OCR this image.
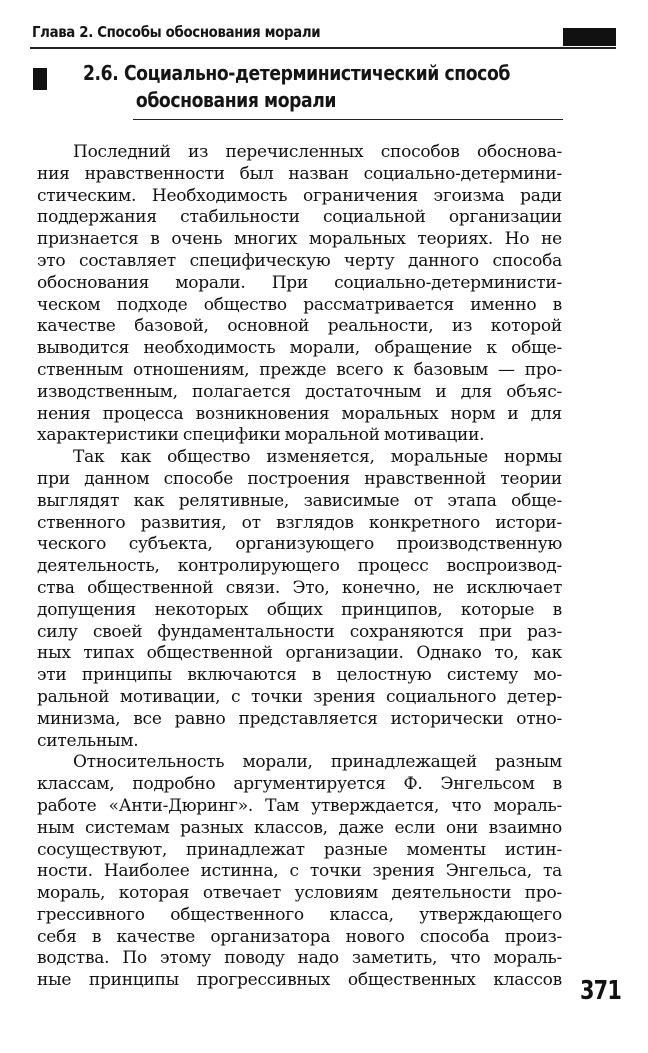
Глава 2. Способы обоснования морали
2.6. Социально-детерминистический способ
обоснования морали
Последний из перечисленных способов обоснова-
ния нравственности был назван социально-детермини-
стическим. Необходимость ограничения эгоизма ради
поддержания стабильности социальной организации
признается в очень многих моральных теориях. Но не
это составляет специфическую черту данного способа
обоснования морали. При социально-детерминисти-
ческом подходе общество рассматривается именно в
качестве базовой, основной реальности, из которой
выводится необходимость морали, обращение к обще-
ственным отношениям, прежде всего к базовым — про-
изводственным, полагается достаточным и для объяс-
нения процесса возникновения моральных норм и для
характеристики специфики моральной мотивации.
Так как общество изменяется, моральные нормы
при данном способе построения нравственной теории
выглядят как релятивные, зависимые от этапа обще-
ственного развития, от взглядов конкретного истори-
ческого субъекта, организующего производственную
деятельность, контролирующего процесс воспроизвод-
ства общественной связи. Это, конечно, не исключает
допущения некоторых общих принципов, которые в
силу своей фундаментальности сохраняются при раз-
ных типах общественной организации. Однако то, как
эти принципы включаются в целостную систему мо-
ральной мотивации, с точки зрения социального детер-
минизма, все равно представляется исторически отно-
сительным.
Относительность морали, принадлежащей разным
классам, подробно аргументируется Ф. Энгельсом в
работе «Анти-Дюринг». Там утверждается, что мораль-
ным системам разных классов, даже если они взаимно
сосуществуют, принадлежат разные моменты истин-
ности. Наиболее истинна, с точки зрения Энгельса, та
мораль, которая отвечает условиям деятельности про-
грессивного общественного класса, утверждающего
себя в качестве организатора нового способа произ-
водства. По этому поводу надо заметить, что мораль-
ные принципы прогрессивных общественных классов 371
